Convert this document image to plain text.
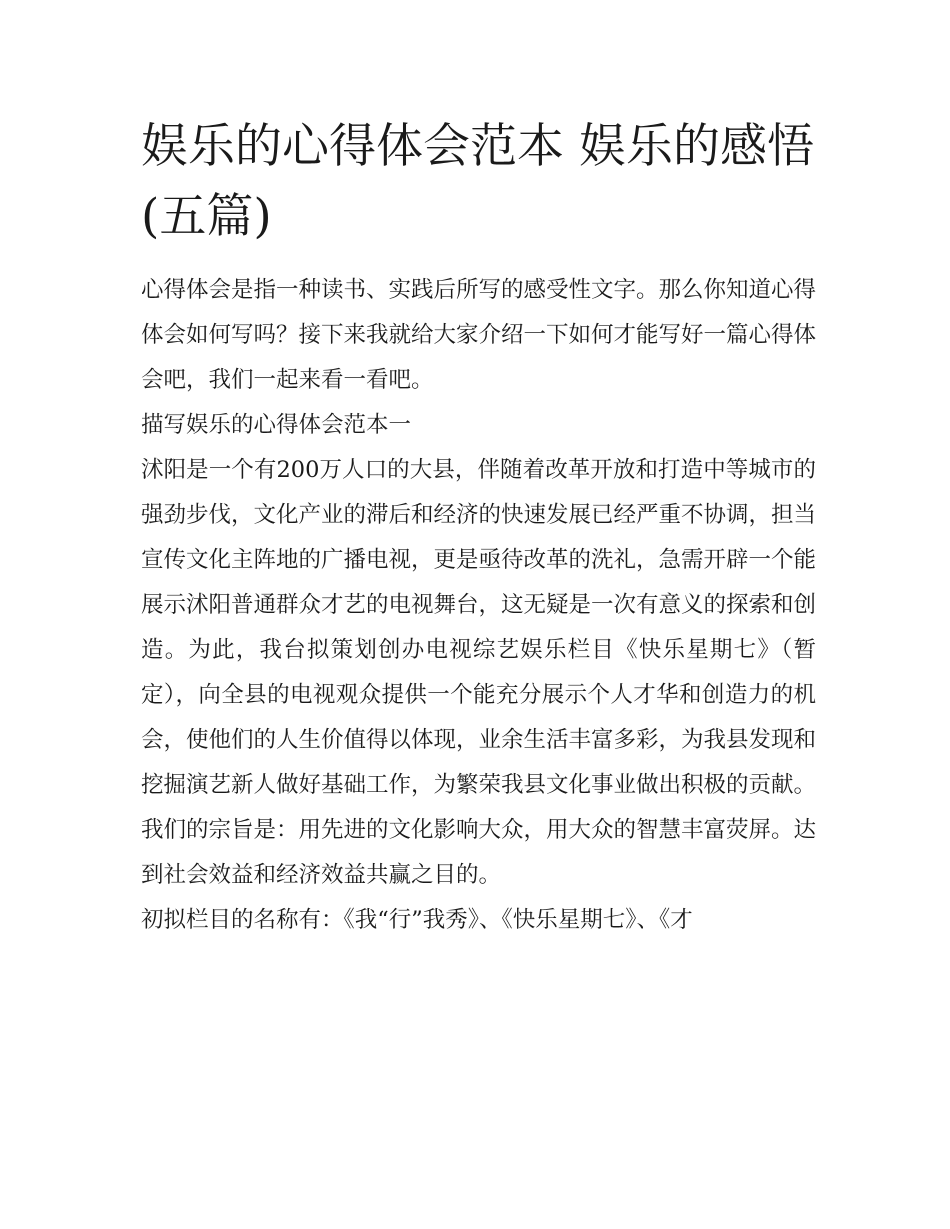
娱乐的心得体会范本 娱乐的感悟(五篇)

心得体会是指一种读书、实践后所写的感受性文字。那么你知道心得体会如何写吗？接下来我就给大家介绍一下如何才能写好一篇心得体会吧，我们一起来看一看吧。

描写娱乐的心得体会范本一

沭阳是一个有200万人口的大县，伴随着改革开放和打造中等城市的强劲步伐，文化产业的滞后和经济的快速发展已经严重不协调，担当宣传文化主阵地的广播电视，更是亟待改革的洗礼，急需开辟一个能展示沭阳普通群众才艺的电视舞台，这无疑是一次有意义的探索和创造。为此，我台拟策划创办电视综艺娱乐栏目《快乐星期七》（暂定），向全县的电视观众提供一个能充分展示个人才华和创造力的机会，使他们的人生价值得以体现，业余生活丰富多彩，为我县发现和挖掘演艺新人做好基础工作，为繁荣我县文化事业做出积极的贡献。

我们的宗旨是：用先进的文化影响大众，用大众的智慧丰富荧屏。达到社会效益和经济效益共赢之目的。

初拟栏目的名称有：《我“行”我秀》、《快乐星期七》、《才
